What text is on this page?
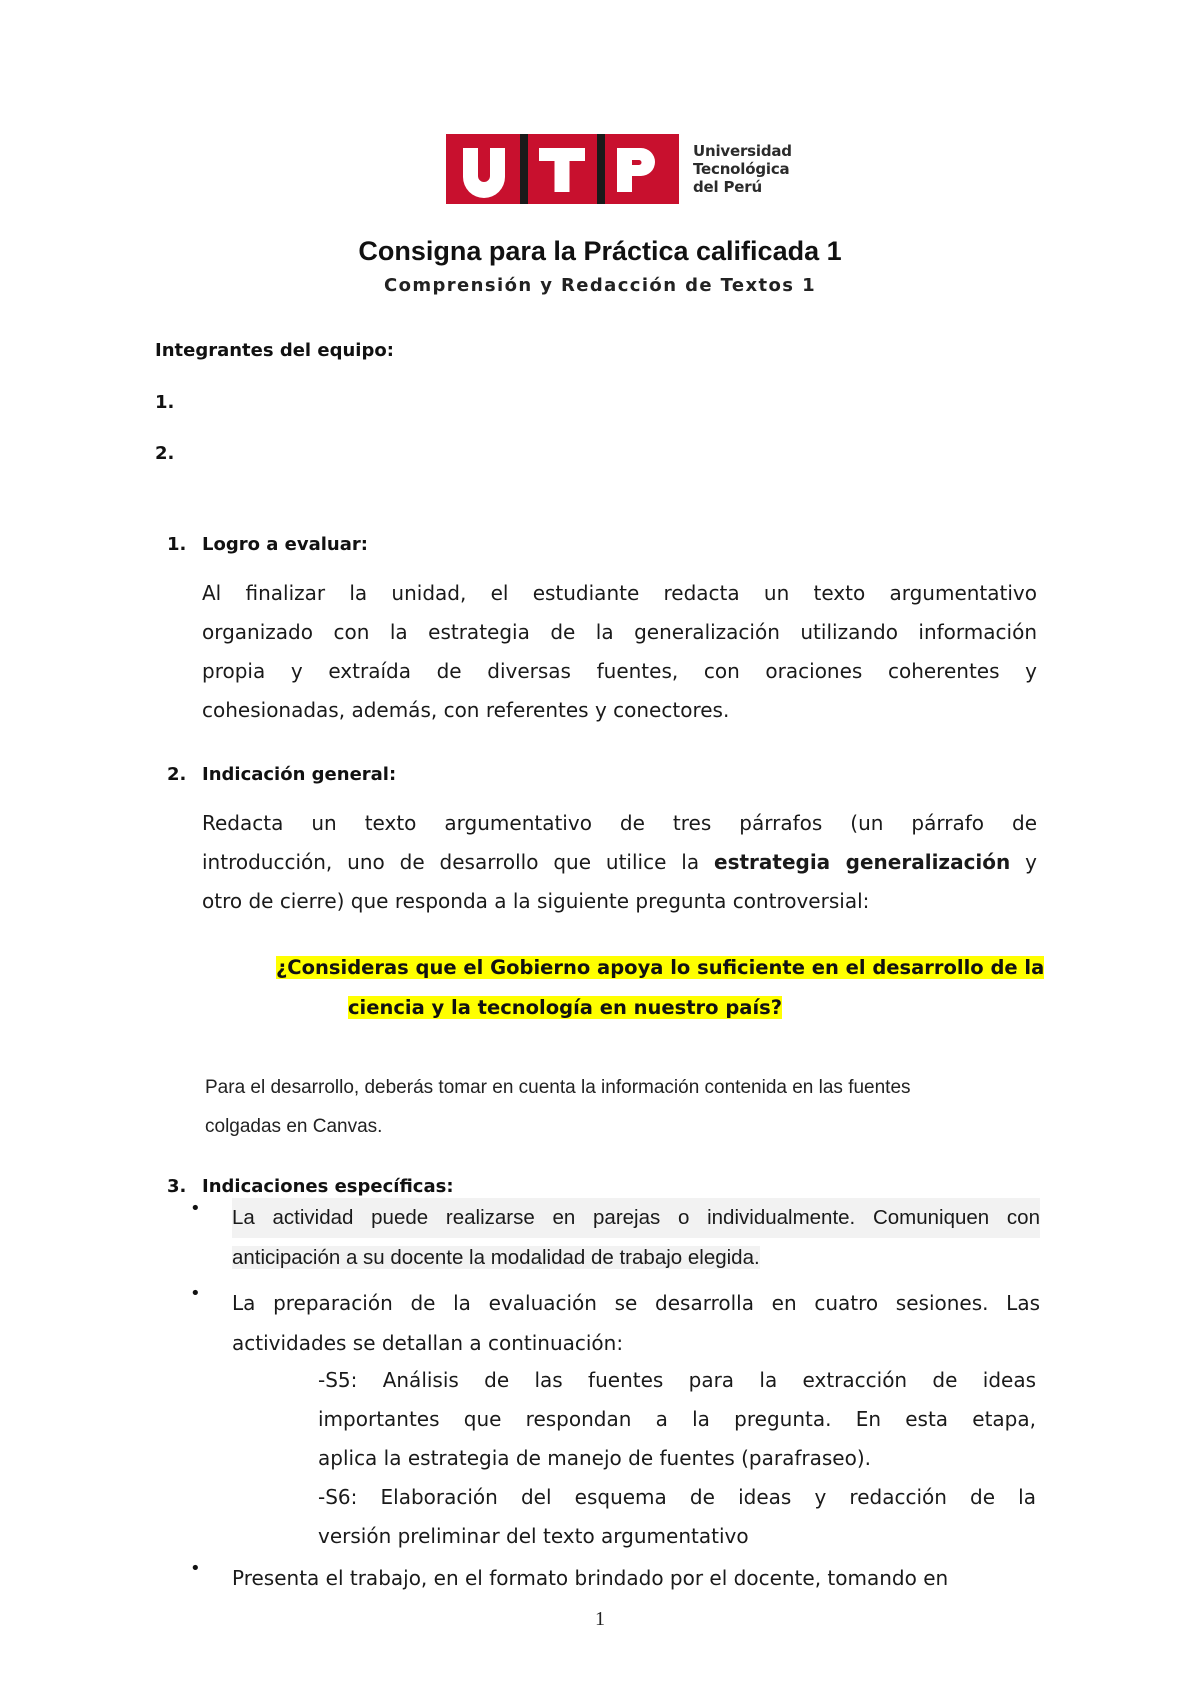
Universidad
Tecnológica
del Perú
Consigna para la Práctica calificada 1
Comprensión y Redacción de Textos 1
Integrantes del equipo:
1.
2.
1. Logro a evaluar:
Al finalizar la unidad, el estudiante redacta un texto argumentativo
organizado con la estrategia de la generalización utilizando información
propia y extraída de diversas fuentes, con oraciones coherentes y
cohesionadas, además, con referentes y conectores.
2. Indicación general:
Redacta un texto argumentativo de tres párrafos (un párrafo de
introducción, uno de desarrollo que utilice la estrategia generalización y
otro de cierre) que responda a la siguiente pregunta controversial:
¿Consideras que el Gobierno apoya lo suficiente en el desarrollo de la
ciencia y la tecnología en nuestro país?
Para el desarrollo, deberás tomar en cuenta la información contenida en las fuentes
colgadas en Canvas.
3. Indicaciones específicas:
•	La actividad puede realizarse en parejas o individualmente. Comuniquen con
anticipación a su docente la modalidad de trabajo elegida.
•	La preparación de la evaluación se desarrolla en cuatro sesiones. Las
actividades se detallan a continuación:
•	Presenta el trabajo, en el formato brindado por el docente, tomando en
-S5: Análisis de las fuentes para la extracción de ideas
importantes que respondan a la pregunta. En esta etapa,
aplica la estrategia de manejo de fuentes (parafraseo).
-S6: Elaboración del esquema de ideas y redacción de la
versión preliminar del texto argumentativo
1
